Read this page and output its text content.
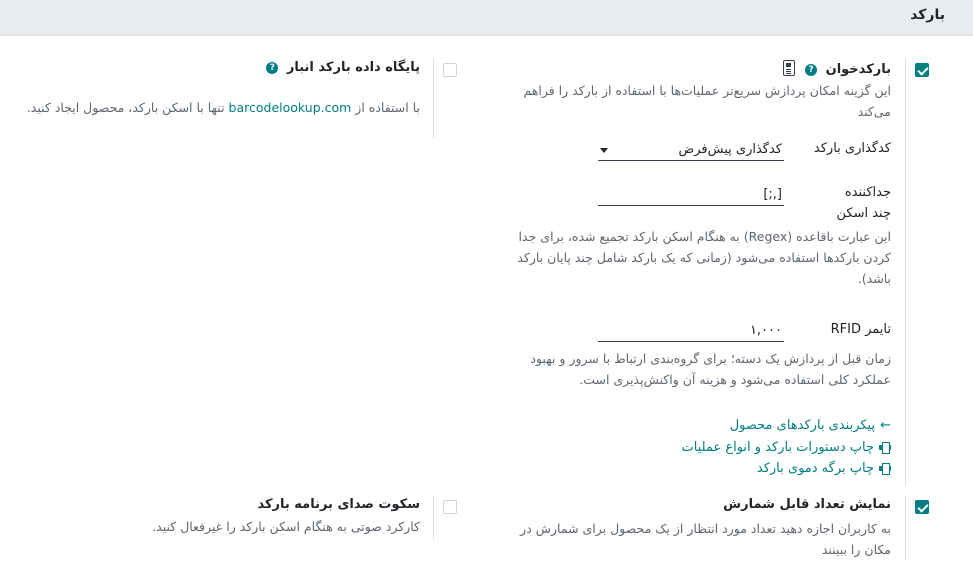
بارکد
بارکدخوان ?
این گزینه امکان پردازش سریع‌تر عملیات‌ها با استفاده از بارکد را فراهم می‌کند
کدگذاری بارکد
کدگذاری پیش‌فرض
جداکننده
چند اسکن
[,;]
این عبارت باقاعده (Regex) به هنگام اسکن بارکد تجمیع شده، برای جدا کردن بارکدها استفاده می‌شود (زمانی که یک بارکد شامل چند پایان بارکد باشد).
تایمر RFID
۱,۰۰۰
زمان قبل از پردازش یک دسته؛ برای گروه‌بندی ارتباط با سرور و بهبود عملکرد کلی استفاده می‌شود و هزینه آن واکنش‌پذیری است.
←پیکربندی بارکدهای محصول
چاپ دستورات بارکد و انواع عملیات
چاپ برگه دموی بارکد
پایگاه داده بارکد انبار ?
با استفاده از barcodelookup.com تنها با اسکن بارکد، محصول ایجاد کنید.
نمایش تعداد قابل شمارش
به کاربران اجازه دهید تعداد مورد انتظار از یک محصول برای شمارش در مکان را ببینند
سکوت صدای برنامه بارکد
کارکرد صوتی به هنگام اسکن بارکد را غیرفعال کنید.
